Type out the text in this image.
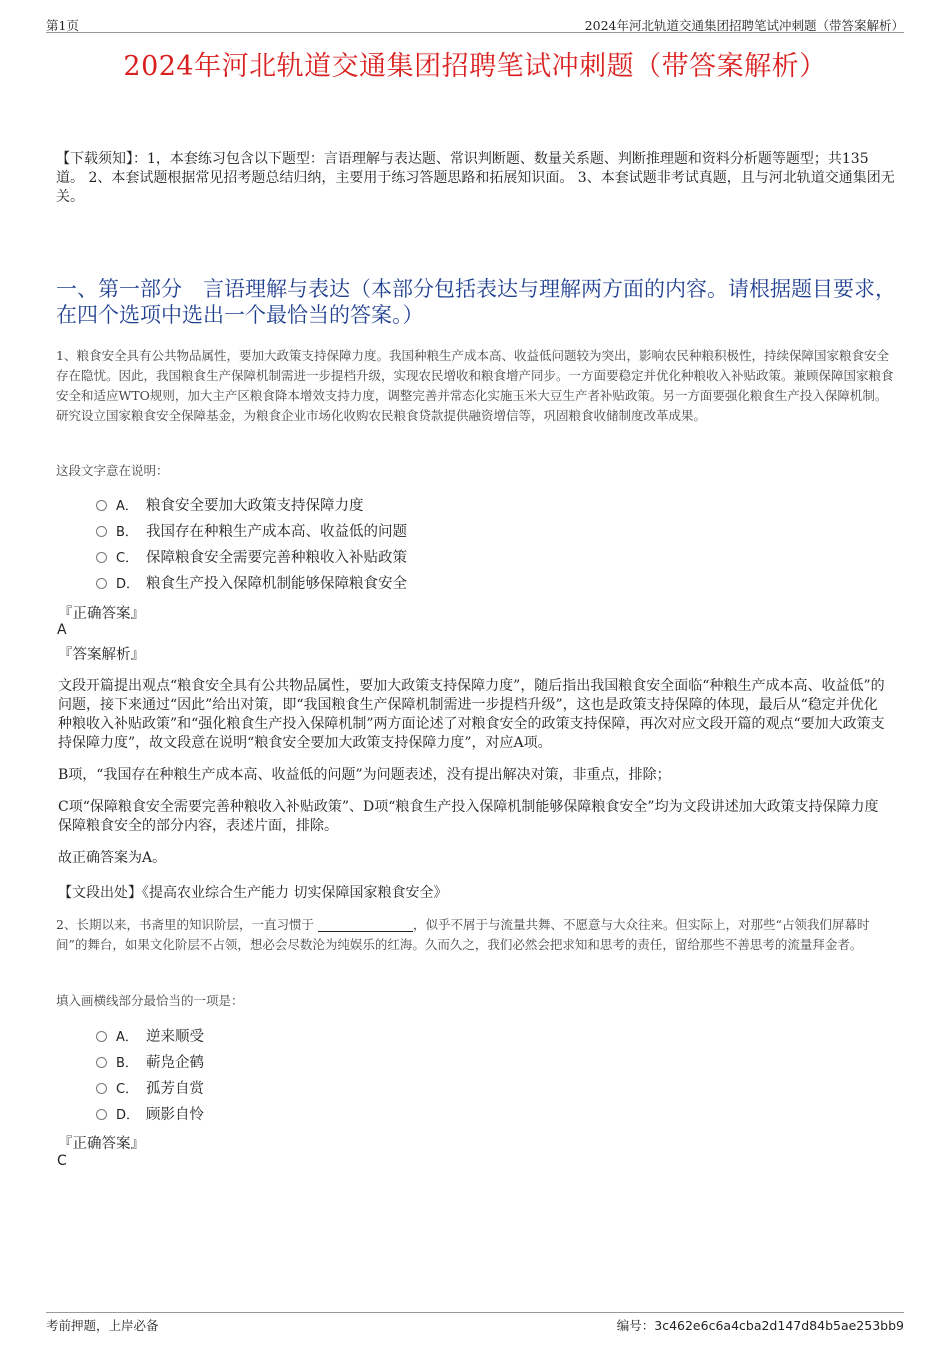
第1页	2024年河北轨道交通集团招聘笔试冲刺题（带答案解析）
2024年河北轨道交通集团招聘笔试冲刺题（带答案解析）
【下载须知】：1，本套练习包含以下题型：言语理解与表达题、常识判断题、数量关系题、判断推理题和资料分析题等题型；共135道。 2、本套试题根据常见招考题总结归纳，主要用于练习答题思路和拓展知识面。 3、本套试题非考试真题，且与河北轨道交通集团无关。
一、第一部分　言语理解与表达（本部分包括表达与理解两方面的内容。请根据题目要求，在四个选项中选出一个最恰当的答案。）
1、粮食安全具有公共物品属性，要加大政策支持保障力度。我国种粮生产成本高、收益低问题较为突出，影响农民种粮积极性，持续保障国家粮食安全存在隐忧。因此，我国粮食生产保障机制需进一步提档升级，实现农民增收和粮食增产同步。一方面要稳定并优化种粮收入补贴政策。兼顾保障国家粮食安全和适应WTO规则，加大主产区粮食降本增效支持力度，调整完善并常态化实施玉米大豆生产者补贴政策。另一方面要强化粮食生产投入保障机制。研究设立国家粮食安全保障基金，为粮食企业市场化收购农民粮食贷款提供融资增信等，巩固粮食收储制度改革成果。
这段文字意在说明：
A． 粮食安全要加大政策支持保障力度
B． 我国存在种粮生产成本高、收益低的问题
C． 保障粮食安全需要完善种粮收入补贴政策
D． 粮食生产投入保障机制能够保障粮食安全
『正确答案』
A
『答案解析』

文段开篇提出观点“粮食安全具有公共物品属性，要加大政策支持保障力度”，随后指出我国粮食安全面临“种粮生产成本高、收益低”的问题，接下来通过“因此”给出对策，即“我国粮食生产保障机制需进一步提档升级”，这也是政策支持保障的体现，最后从“稳定并优化种粮收入补贴政策”和“强化粮食生产投入保障机制”两方面论述了对粮食安全的政策支持保障，再次对应文段开篇的观点“要加大政策支持保障力度”，故文段意在说明“粮食安全要加大政策支持保障力度”，对应A项。

B项，“我国存在种粮生产成本高、收益低的问题”为问题表述，没有提出解决对策，非重点，排除；

C项“保障粮食安全需要完善种粮收入补贴政策”、D项“粮食生产投入保障机制能够保障粮食安全”均为文段讲述加大政策支持保障力度保障粮食安全的部分内容，表述片面，排除。

故正确答案为A。

【文段出处】《提高农业综合生产能力 切实保障国家粮食安全》
2、长期以来，书斋里的知识阶层，一直习惯于	，似乎不屑于与流量共舞、不愿意与大众往来。但实际上，对那些“占领我们屏幕时间”的舞台，如果文化阶层不占领，想必会尽数沦为纯娱乐的红海。久而久之，我们必然会把求知和思考的责任，留给那些不善思考的流量拜金者。
填入画横线部分最恰当的一项是：
A． 逆来顺受
B． 蔪凫企鹤
C． 孤芳自赏
D． 顾影自怜
『正确答案』
C
考前押题，上岸必备	编号：3c462e6c6a4cba2d147d84b5ae253bb9
